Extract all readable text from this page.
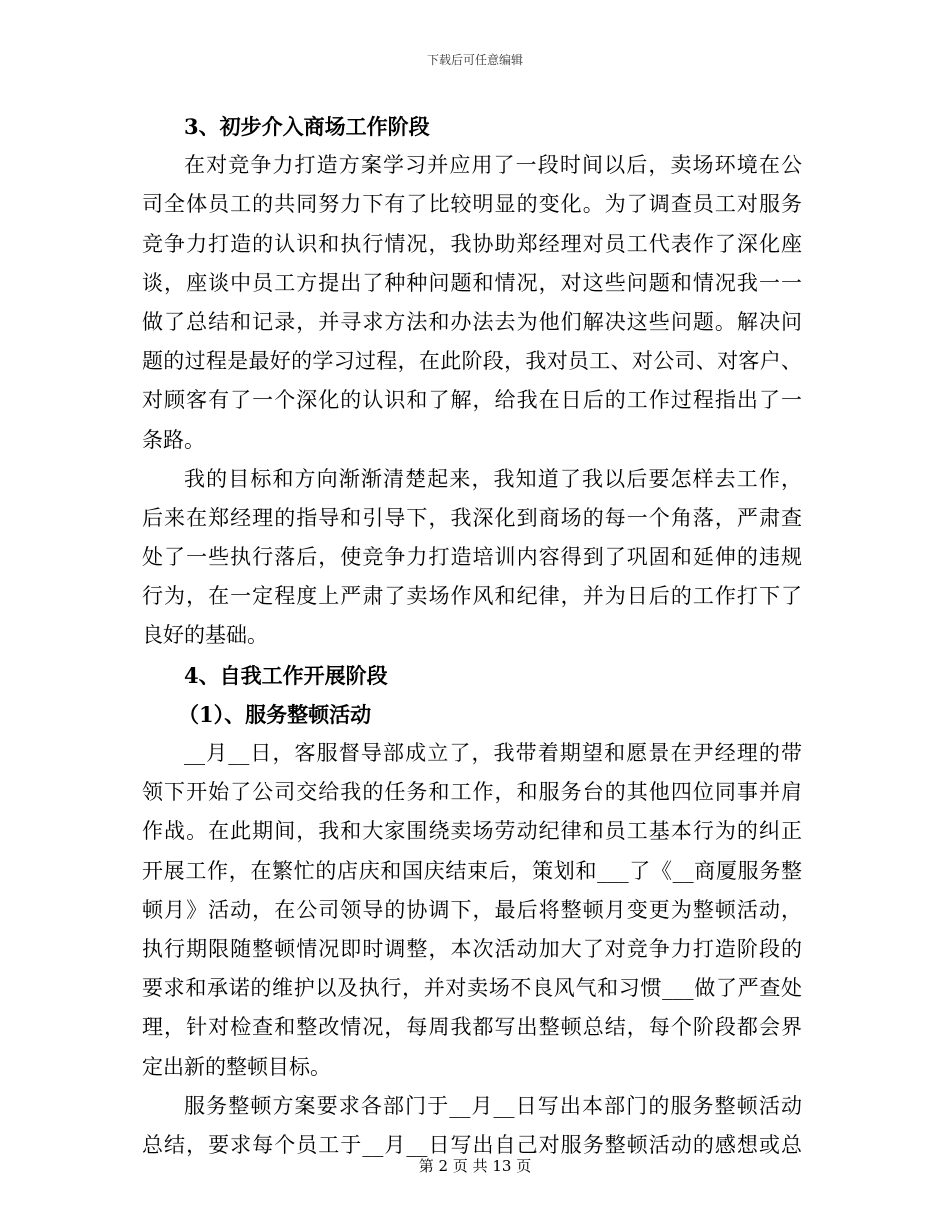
下载后可任意编辑
3、初步介入商场工作阶段
在对竞争力打造方案学习并应用了一段时间以后，卖场环境在公
司全体员工的共同努力下有了比较明显的变化。为了调查员工对服务
竞争力打造的认识和执行情况，我协助郑经理对员工代表作了深化座
谈，座谈中员工方提出了种种问题和情况，对这些问题和情况我一一
做了总结和记录，并寻求方法和办法去为他们解决这些问题。解决问
题的过程是最好的学习过程，在此阶段，我对员工、对公司、对客户、
对顾客有了一个深化的认识和了解，给我在日后的工作过程指出了一
条路。
我的目标和方向渐渐清楚起来，我知道了我以后要怎样去工作，
后来在郑经理的指导和引导下，我深化到商场的每一个角落，严肃查
处了一些执行落后，使竞争力打造培训内容得到了巩固和延伸的违规
行为，在一定程度上严肃了卖场作风和纪律，并为日后的工作打下了
良好的基础。
4、自我工作开展阶段
（1）、服务整顿活动
__月__日，客服督导部成立了，我带着期望和愿景在尹经理的带
领下开始了公司交给我的任务和工作，和服务台的其他四位同事并肩
作战。在此期间，我和大家围绕卖场劳动纪律和员工基本行为的纠正
开展工作，在繁忙的店庆和国庆结束后，策划和___了《__商厦服务整
顿月》活动，在公司领导的协调下，最后将整顿月变更为整顿活动，
执行期限随整顿情况即时调整，本次活动加大了对竞争力打造阶段的
要求和承诺的维护以及执行，并对卖场不良风气和习惯___做了严查处
理，针对检查和整改情况，每周我都写出整顿总结，每个阶段都会界
定出新的整顿目标。
服务整顿方案要求各部门于__月__日写出本部门的服务整顿活动
总结，要求每个员工于__月__日写出自己对服务整顿活动的感想或总
第 2 页 共 13 页
